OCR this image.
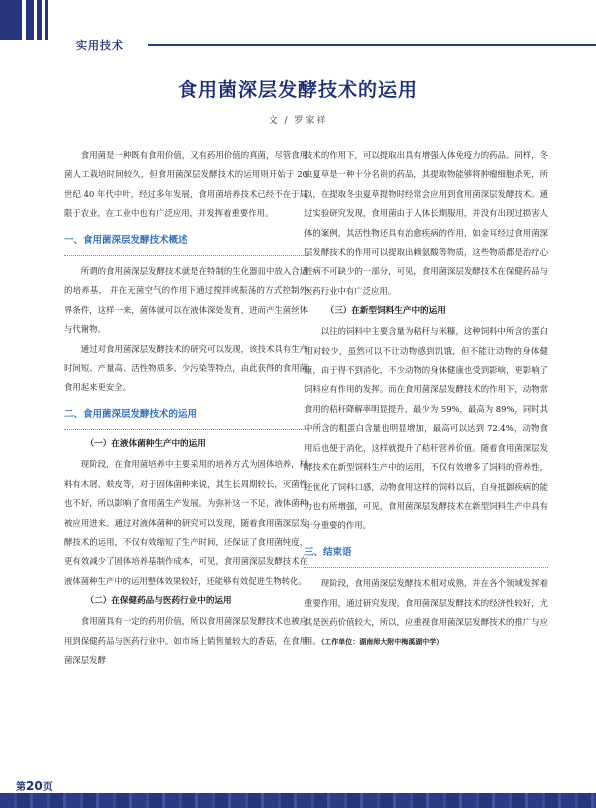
实用技术
食用菌深层发酵技术的运用
文 / 罗家祥

食用菌是一种既有食用价值，又有药用价值的真菌，尽管食用菌人工栽培时间较久，但食用菌深层发酵技术的运用则开始于 20 世纪 40 年代中叶，经过多年发展，食用菌培养技术已经不在于局限于农业，在工业中也有广泛应用，并发挥着重要作用。

一、食用菌深层发酵技术概述

所谓的食用菌深层发酵技术就是在特制的生化器皿中放入合适的培养基， 并在无菌空气的作用下通过搅拌或振荡的方式控制外界条件，这样一来，菌体就可以在液体深处发育，进而产生菌丝体与代谢物。

通过对食用菌深层发酵技术的研究可以发现，该技术具有生产时间短、产量高、活性物质多、少污染等特点，由此获得的食用菌食用起来更安全。

二、食用菌深层发酵技术的运用
（一）在液体菌种生产中的运用

现阶段，在食用菌培养中主要采用的培养方式为固体培养，材料有木屑、麸皮等，对于固体菌种来说，其生长周期较长，灭菌性也不好，所以影响了食用菌生产发展。为弥补这一不足，液体菌种被应用进来。通过对液体菌种的研究可以发现，随着食用菌深层发酵技术的运用，不仅有效缩短了生产时间，还保证了食用菌纯度，更有效减少了固体培养基制作成本，可见，食用菌深层发酵技术在液体菌种生产中的运用整体效果较好，还能够有效促进生物转化。

（二）在保健药品与医药行业中的运用

食用菌具有一定的药用价值，所以食用菌深层发酵技术也被应用到保健药品与医药行业中。如市场上销售量较大的香菇，在食用菌深层发酵

技术的作用下，可以提取出具有增强人体免疫力的药品。同样，冬虫夏草是一种十分名贵的药品，其提取物能够将肿瘤细胞杀死，所以，在提取冬虫夏草提物时经常会应用到食用菌深层发酵技术。通过实验研究发现，食用菌由于人体长期服用，并没有出现过损害人体的案例，其活性物还具有治愈疾病的作用，如金耳经过食用菌深层发酵技术的作用可以提取出赖氨酸等物质，这些物质都是治疗心脏病不可缺少的一部分，可见，食用菌深层发酵技术在保健药品与医药行业中有广泛应用。

（三）在新型饲料生产中的运用

以往的饲料中主要含量为秸秆与米糠，这种饲料中所含的蛋白相对较少，虽然可以不让动物感到饥饿，但不能让动物的身体健康，由于得不到消化，不少动物的身体健康也受到影响，更影响了饲料应有作用的发挥。而在食用菌深层发酵技术的作用下，动物常食用的秸秆降解率明显提升，最少为 59%，最高为 89%，同时其中所含的粗蛋白含量也明显增加，最高可以达到 72.4%，动物食用后也便于消化，这样就提升了秸秆营养价值。随着食用菌深层发酵技术在新型饲料生产中的运用，不仅有效增多了饲料的营养性，还优化了饲料口感，动物食用这样的饲料以后，自身抵御疾病的能力也有所增强，可见，食用菌深层发酵技术在新型饲料生产中具有十分重要的作用。

三、结束语

现阶段，食用菌深层发酵技术相对成熟，并在各个领域发挥着重要作用，通过研究发现，食用菌深层发酵技术的经济性较好，尤其是医药价值较大，所以，应重视食用菌深层发酵技术的推广与应用。（工作单位：湖南师大附中梅溪湖中学）

第20页
